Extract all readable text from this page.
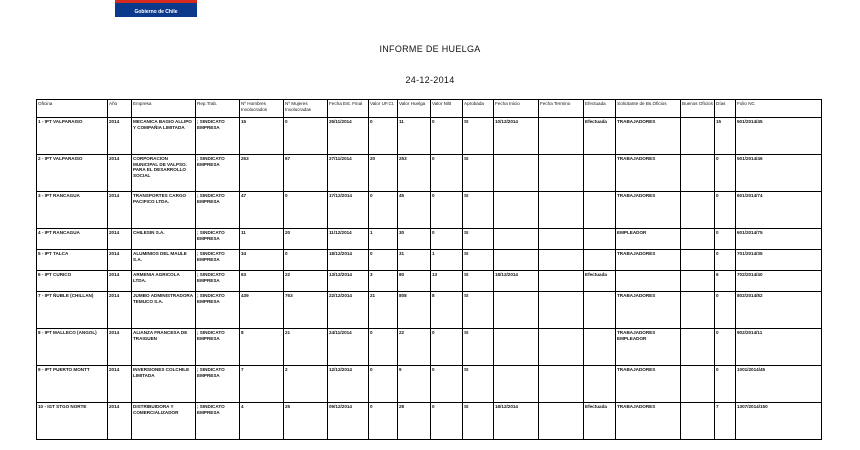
Gobierno de Chile
INFORME DE HUELGA
24-12-2014
Oficina	Año	Empresa	Rep.Trab.	Nº Hombres Involucrados	Nº Mujeres Involucradas	Fecha Est. Final	Valor UF.Ct.	Valor Huelga	Valor N/B	Aprobada	Fecha Inicio	Fecha Termino	Efectuada	Solicitante de Bs.Oficios	Buenos Oficios	Días	Folio NC
1 - IPT VALPARAISO	2014	MECANICA BAGIO ALLIPO Y COMPAÑIA LIMITADA	; SINDICATO EMPRESA	15	0	25/11/2014	0	11	0	SI	10/12/2014		Efectuada	TRABAJADORES		15	501/2014/45
2 - IPT VALPARAISO	2014	CORPORACION MUNICIPAL DE VALPSO. PARA EL DESARROLLO SOCIAL	; SINDICATO EMPRESA	263	67	27/11/2014	20	253	0	SI				TRABAJADORES		0	501/2014/46
3 - IPT RANCAGUA	2014	TRANSPORTES CARGO PACIFICO LTDA.	; SINDICATO EMPRESA	47	0	17/12/2014	0	45	0	SI				TRABAJADORES		0	601/2014/74
4 - IPT RANCAGUA	2014	CHILESIN S.A.	; SINDICATO EMPRESA	11	20	11/12/2014	1	30	0	SI				EMPLEADOR		0	601/2014/75
5 - IPT TALCA	2014	ALUMINIOS DEL MAULE S.A.	; SINDICATO EMPRESA	34	0	18/12/2014	0	31	1	SI				TRABAJADORES		0	701/2014/35
6 - IPT CURICO	2014	ARMENIA AGRICOLA LTDA.	; SINDICATO EMPRESA	63	22	13/12/2014	3	80	13	SI	18/12/2014		Efectuada			6	702/2014/40
7 - IPT ÑUBLE (CHILLAN)	2014	JUMBO ADMINISTRADORA TEMUCO S.A.	; SINDICATO EMPRESA	439	763	22/12/2014	21	808	8	SI				TRABAJADORES		0	802/2014/82
8 - IPT MALLECO (ANGOL)	2014	ALIANZA FRANCESA DE TRAIGUEN	; SINDICATO EMPRESA	8	21	24/11/2014	0	22	0	SI				TRABAJADORES EMPLEADOR		0	902/2014/11
9 - IPT PUERTO MONTT	2014	INVERSIONES COLCHILE LIMITADA	; SINDICATO EMPRESA	7	2	12/12/2014	0	9	0	SI				TRABAJADORES		0	1001/2014/45
10 - IGT STGO NORTE	2014	DISTRIBUIDORA Y COMERCIALIZADOR	; SINDICATO EMPRESA	4	25	09/12/2014	0	28	0	SI	18/12/2014		Efectuada	TRABAJADORES		7	1307/2014/150
